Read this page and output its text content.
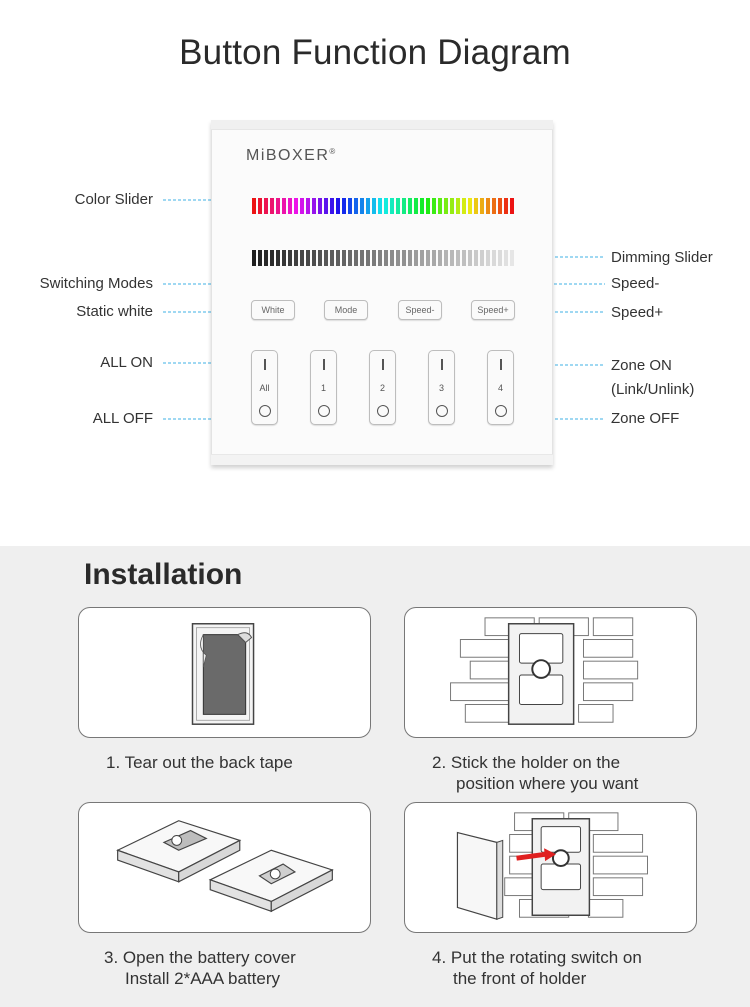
Button Function Diagram
Color Slider
Switching Modes
Static white
ALL ON
ALL OFF
Dimming Slider
Speed-
Speed+
Zone ON
(Link/Unlink)
Zone OFF
MiBOXER®
White	Mode	Speed-	Speed+
All	1	2	3	4
Installation
1. Tear out the back tape	2. Stick the holder on the
position where you want
3. Open the battery cover
Install 2*AAA battery
4. Put the rotating switch on
the front of holder
